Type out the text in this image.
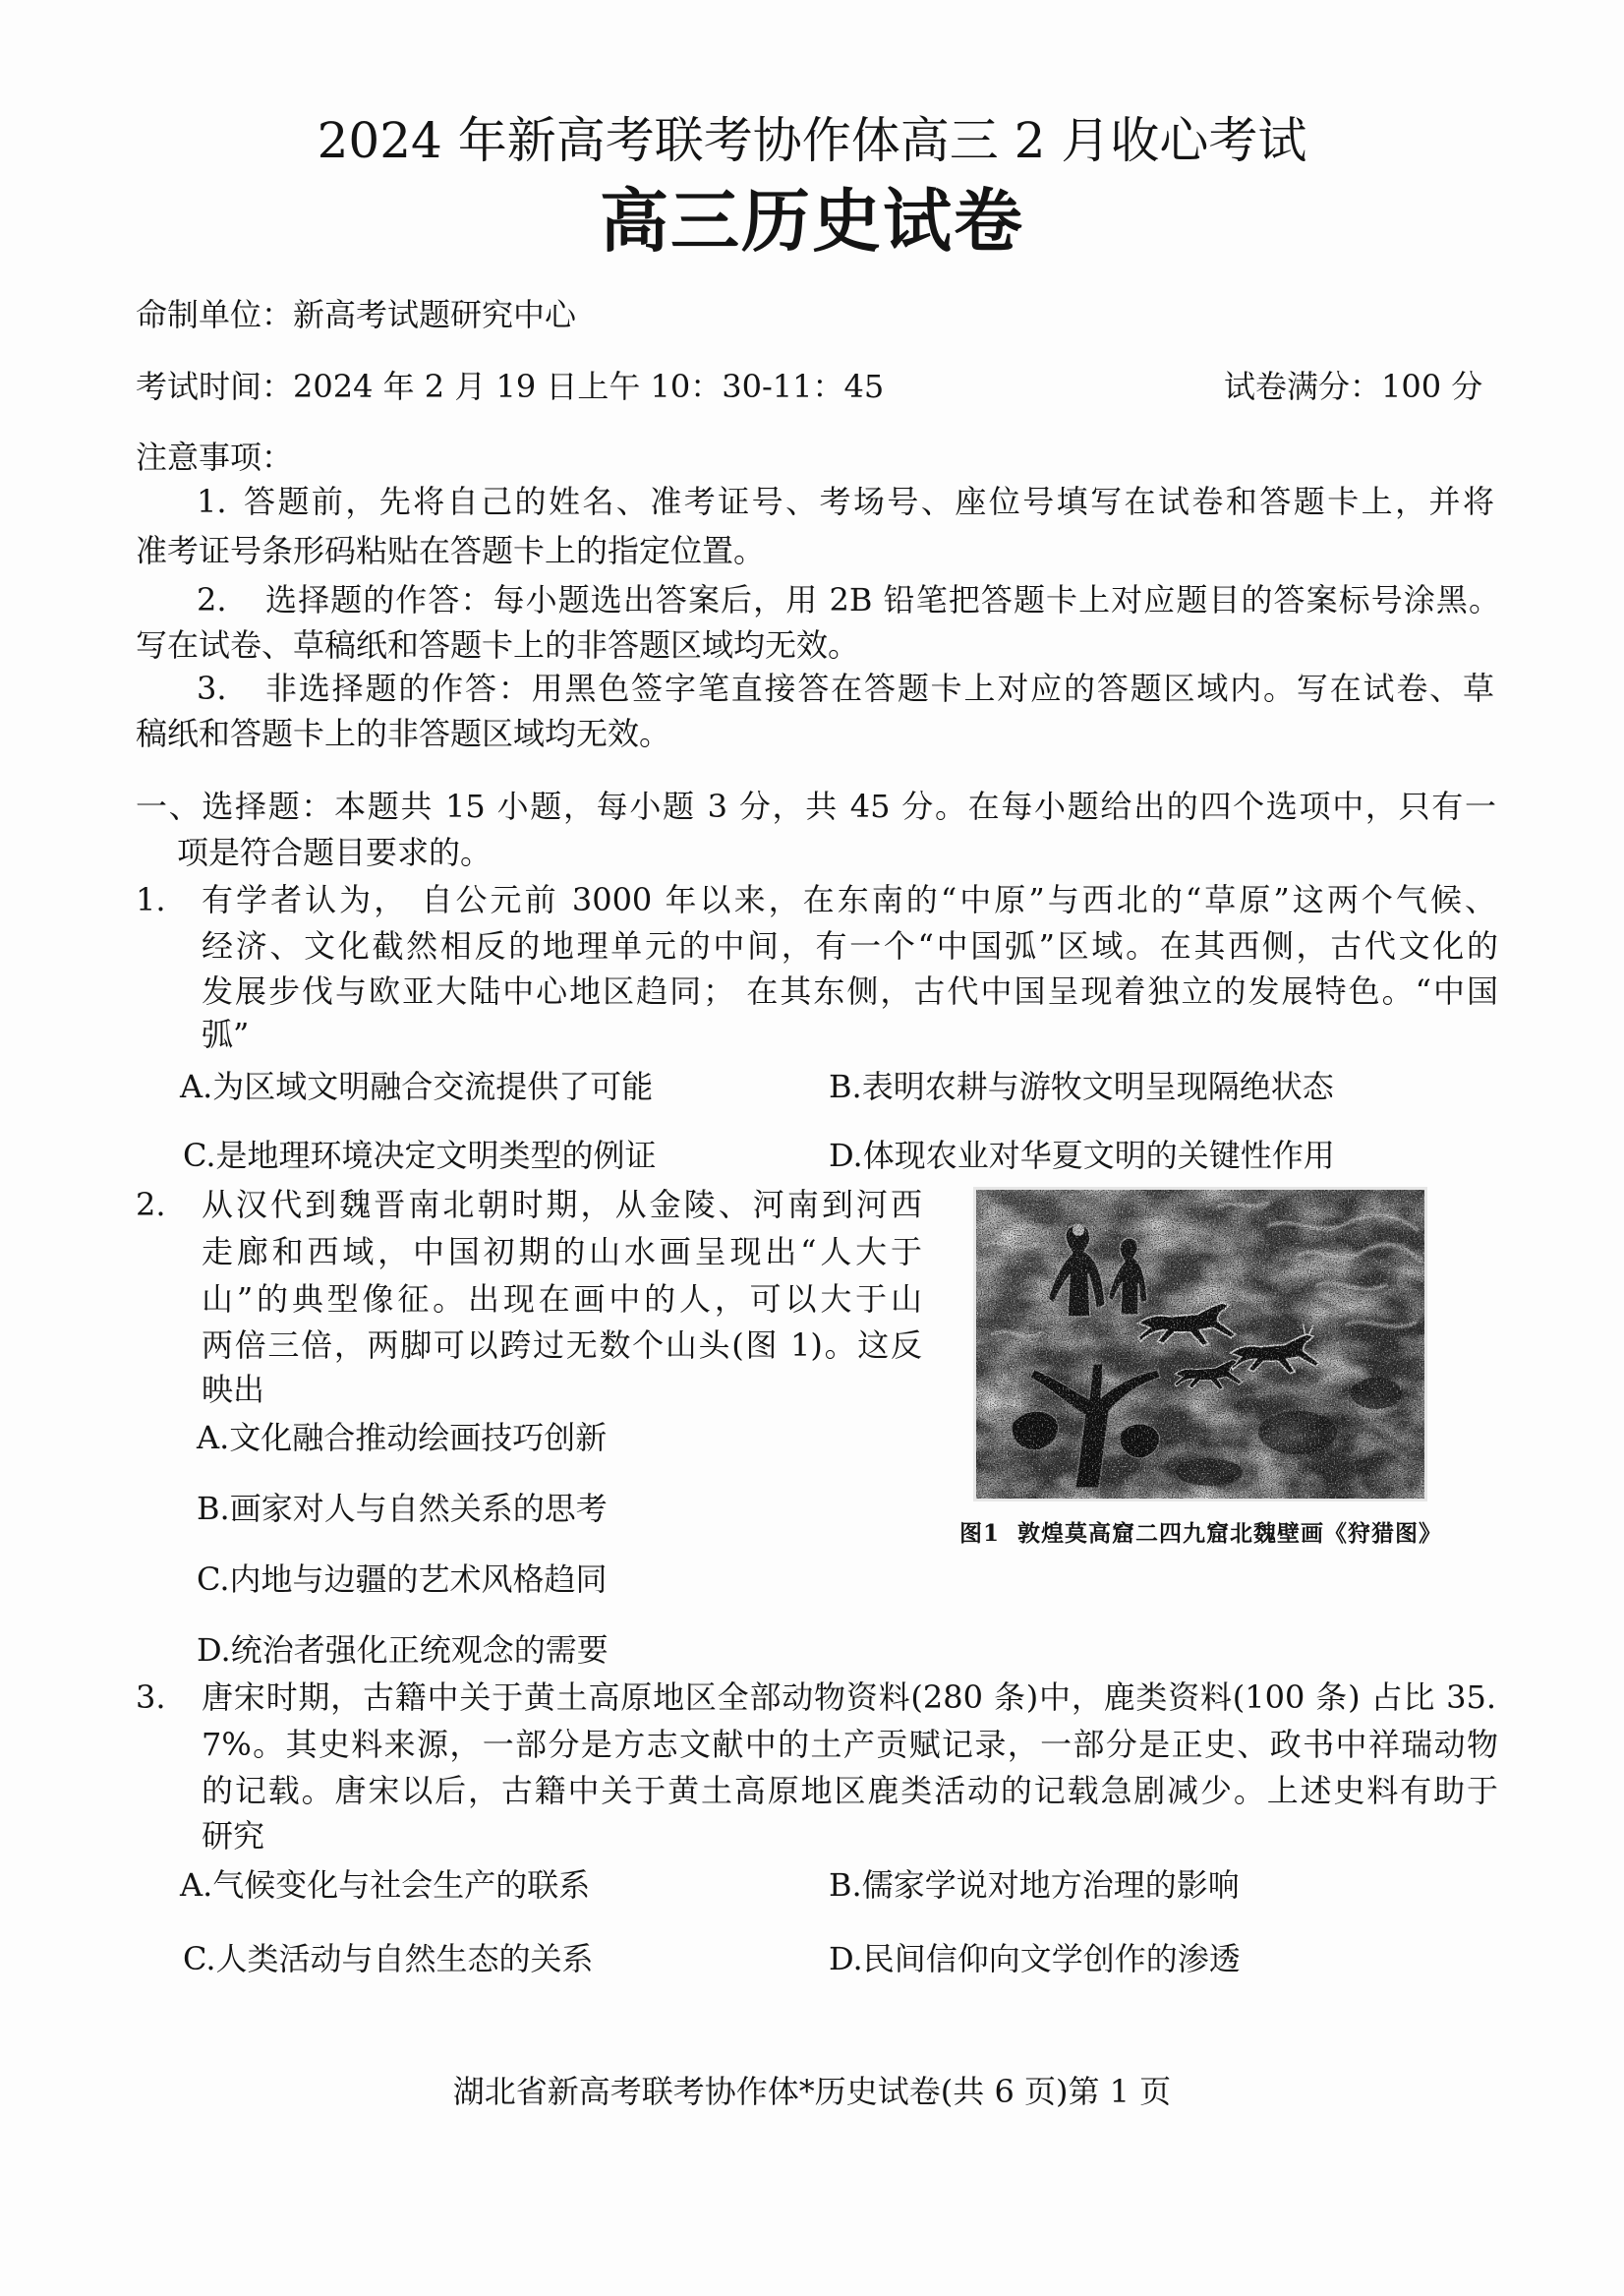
2024 年新高考联考协作体高三 2 月收心考试
高三历史试卷
命制单位：新高考试题研究中心
考试时间：2024 年 2 月 19 日上午 10：30-11：45	试卷满分：100 分
注意事项：
1. 答题前，先将自己的姓名、准考证号、考场号、座位号填写在试卷和答题卡上，并将
准考证号条形码粘贴在答题卡上的指定位置。
2. 选择题的作答：每小题选出答案后，用 2B 铅笔把答题卡上对应题目的答案标号涂黑。
写在试卷、草稿纸和答题卡上的非答题区域均无效。
3. 非选择题的作答：用黑色签字笔直接答在答题卡上对应的答题区域内。写在试卷、草
稿纸和答题卡上的非答题区域均无效。
一、选择题：本题共 15 小题，每小题 3 分，共 45 分。在每小题给出的四个选项中，只有一
项是符合题目要求的。
1. 有学者认为， 自公元前 3000 年以来，在东南的“中原”与西北的“草原”这两个气候、
经济、文化截然相反的地理单元的中间，有一个“中国弧”区域。在其西侧，古代文化的
发展步伐与欧亚大陆中心地区趋同； 在其东侧，古代中国呈现着独立的发展特色。“中国
弧”
A.为区域文明融合交流提供了可能	B.表明农耕与游牧文明呈现隔绝状态
C.是地理环境决定文明类型的例证	D.体现农业对华夏文明的关键性作用
2. 从汉代到魏晋南北朝时期，从金陵、河南到河西
走廊和西域，中国初期的山水画呈现出“人大于
山”的典型像征。出现在画中的人，可以大于山
两倍三倍，两脚可以跨过无数个山头(图 1)。这反
映出
A.文化融合推动绘画技巧创新
B.画家对人与自然关系的思考
C.内地与边疆的艺术风格趋同
D.统治者强化正统观念的需要
图1  敦煌莫高窟二四九窟北魏壁画《狩猎图》
3. 唐宋时期，古籍中关于黄土高原地区全部动物资料(280 条)中，鹿类资料(100 条) 占比 35.
7%。其史料来源，一部分是方志文献中的土产贡赋记录，一部分是正史、政书中祥瑞动物
的记载。唐宋以后，古籍中关于黄土高原地区鹿类活动的记载急剧减少。上述史料有助于
研究
A.气候变化与社会生产的联系	B.儒家学说对地方治理的影响
C.人类活动与自然生态的关系	D.民间信仰向文学创作的渗透
湖北省新高考联考协作体*历史试卷(共 6 页)第 1 页
